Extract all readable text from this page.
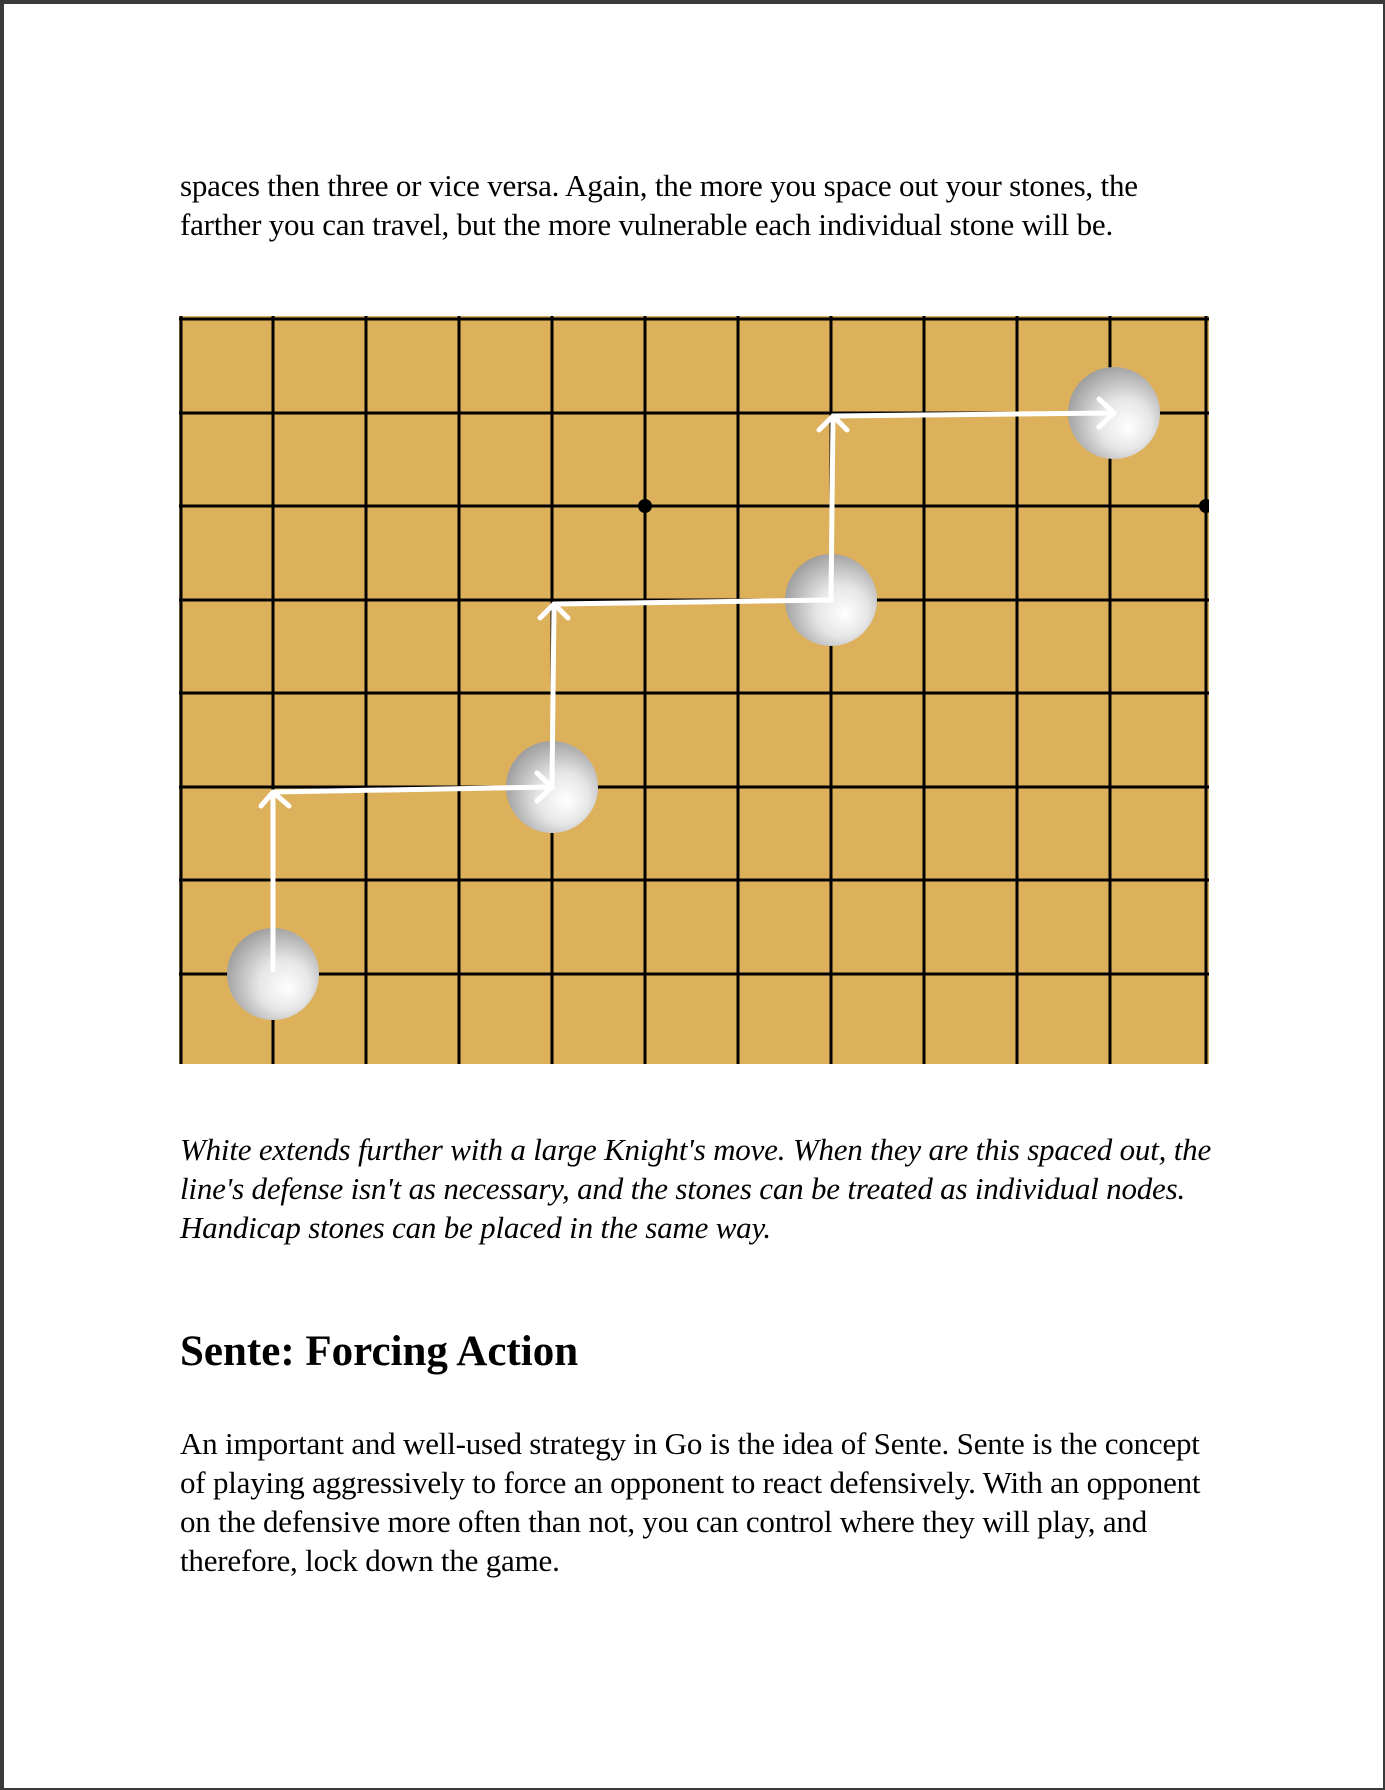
spaces then three or vice versa. Again, the more you space out your stones, the farther you can travel, but the more vulnerable each individual stone will be.

White extends further with a large Knight's move. When they are this spaced out, the line's defense isn't as necessary, and the stones can be treated as individual nodes. Handicap stones can be placed in the same way.

Sente: Forcing Action

An important and well-used strategy in Go is the idea of Sente. Sente is the concept of playing aggressively to force an opponent to react defensively. With an opponent on the defensive more often than not, you can control where they will play, and therefore, lock down the game.
